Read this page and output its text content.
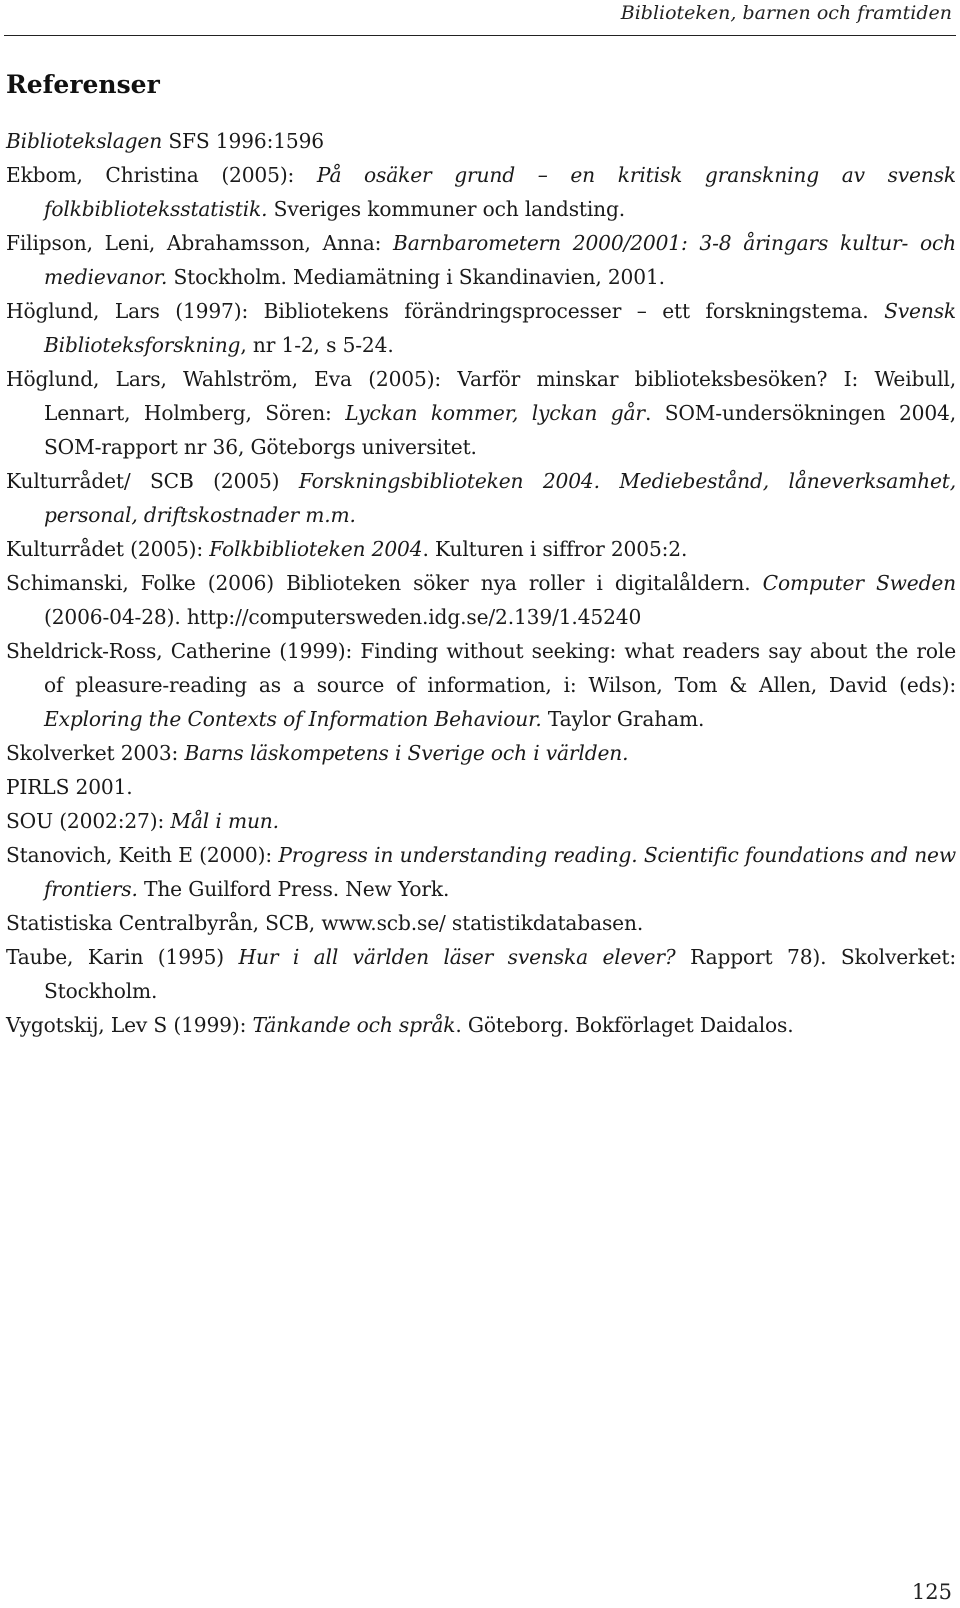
Biblioteken, barnen och framtiden
Referenser

Bibliotekslagen SFS 1996:1596

Ekbom, Christina (2005): På osäker grund – en kritisk granskning av svensk folkbiblioteksstatistik. Sveriges kommuner och landsting.

Filipson, Leni, Abrahamsson, Anna: Barnbarometern 2000/2001: 3-8 åringars kultur- och medievanor. Stockholm. Mediamätning i Skandinavien, 2001.

Höglund, Lars (1997): Bibliotekens förändringsprocesser – ett forskningstema. Svensk Biblioteksforskning, nr 1-2, s 5-24.

Höglund, Lars, Wahlström, Eva (2005): Varför minskar biblioteksbesöken? I: Weibull, Lennart, Holmberg, Sören: Lyckan kommer, lyckan går. SOM-undersökningen 2004, SOM-rapport nr 36, Göteborgs universitet.

Kulturrådet/ SCB (2005) Forskningsbiblioteken 2004. Mediebestånd, låneverksamhet, personal, driftskostnader m.m.

Kulturrådet (2005): Folkbiblioteken 2004. Kulturen i siffror 2005:2.

Schimanski, Folke (2006) Biblioteken söker nya roller i digitalåldern. Computer Sweden (2006-04-28). http://computersweden.idg.se/2.139/1.45240

Sheldrick-Ross, Catherine (1999): Finding without seeking: what readers say about the role of pleasure-reading as a source of information, i: Wilson, Tom & Allen, David (eds): Exploring the Contexts of Information Behaviour. Taylor Graham.

Skolverket 2003: Barns läskompetens i Sverige och i världen.

PIRLS 2001.

SOU (2002:27): Mål i mun.

Stanovich, Keith E (2000): Progress in understanding reading. Scientific foundations and new frontiers. The Guilford Press. New York.

Statistiska Centralbyrån, SCB, www.scb.se/ statistikdatabasen.

Taube, Karin (1995) Hur i all världen läser svenska elever? Rapport 78). Skolverket: Stockholm.

Vygotskij, Lev S (1999): Tänkande och språk. Göteborg. Bokförlaget Daidalos.

125
